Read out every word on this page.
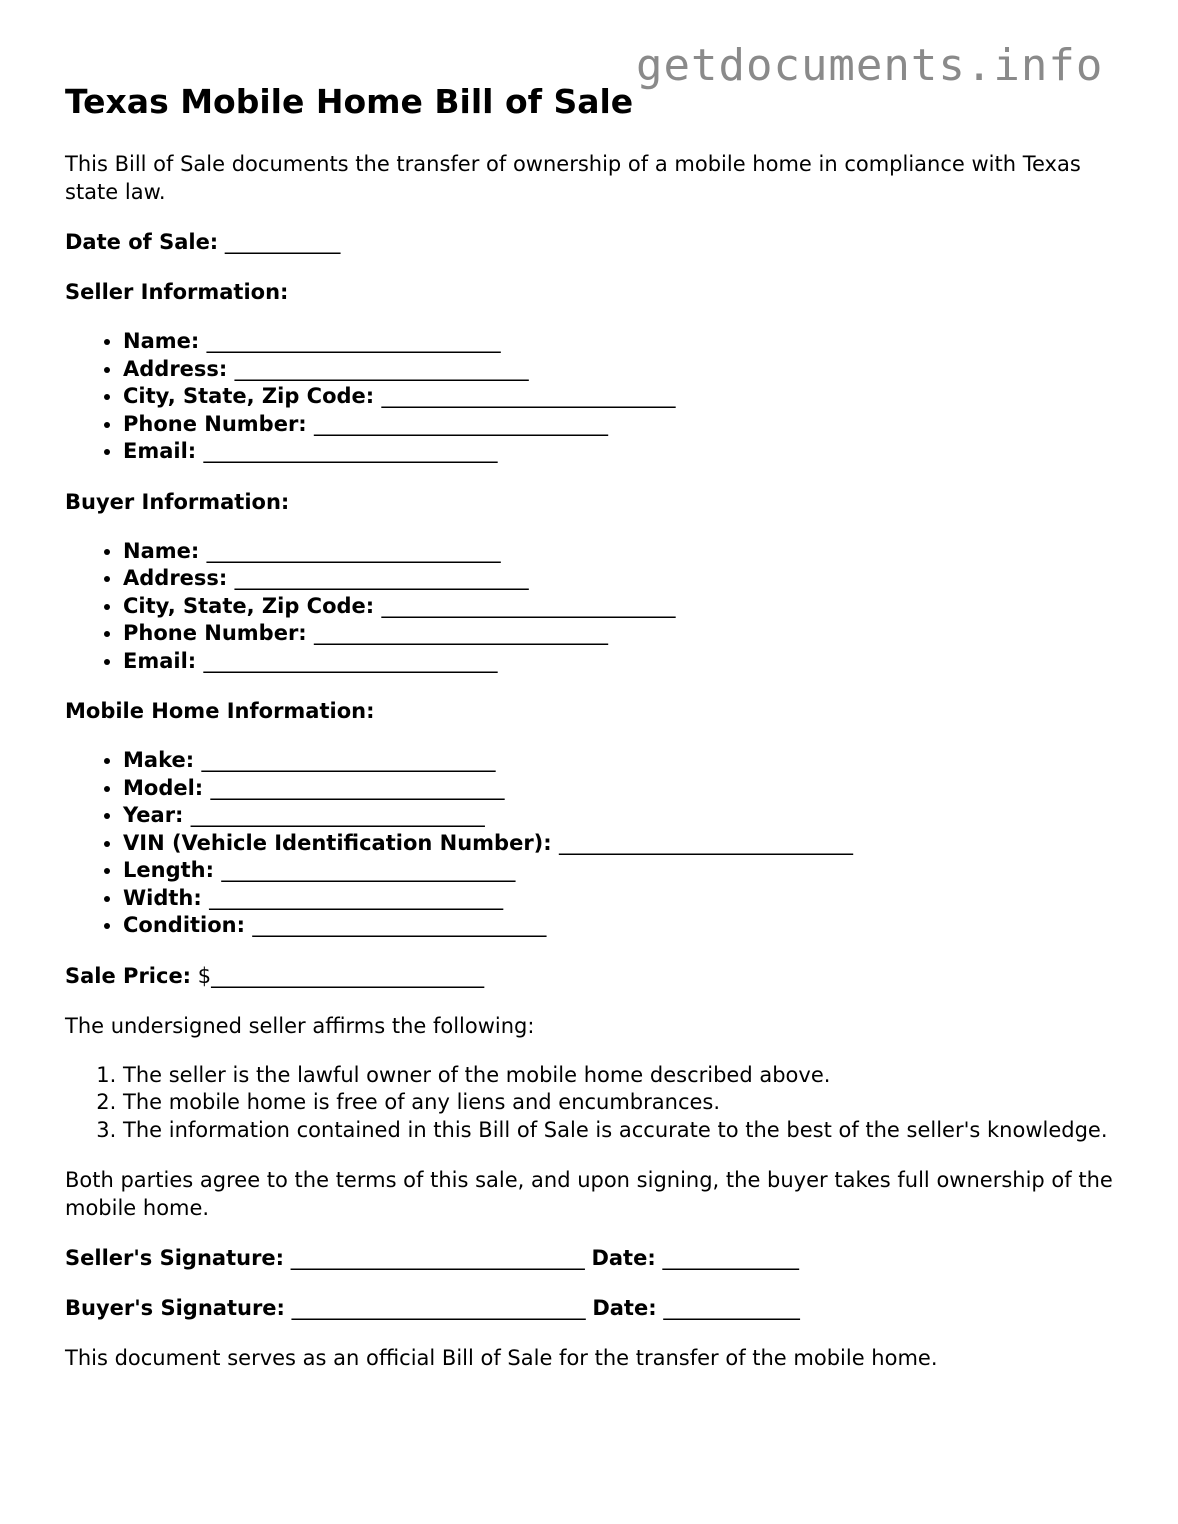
getdocuments.info
Texas Mobile Home Bill of Sale

This Bill of Sale documents the transfer of ownership of a mobile home in compliance with Texas state law.

Date of Sale: ___________

Seller Information:

• Name: ____________________________
• Address: ____________________________
• City, State, Zip Code: ____________________________
• Phone Number: ____________________________
• Email: ____________________________

Buyer Information:

• Name: ____________________________
• Address: ____________________________
• City, State, Zip Code: ____________________________
• Phone Number: ____________________________
• Email: ____________________________

Mobile Home Information:

• Make: ____________________________
• Model: ____________________________
• Year: ____________________________
• VIN (Vehicle Identification Number): ____________________________
• Length: ____________________________
• Width: ____________________________
• Condition: ____________________________

Sale Price: $__________________________

The undersigned seller affirms the following:

1. The seller is the lawful owner of the mobile home described above.
2. The mobile home is free of any liens and encumbrances.
3. The information contained in this Bill of Sale is accurate to the best of the seller's knowledge.

Both parties agree to the terms of this sale, and upon signing, the buyer takes full ownership of the mobile home.

Seller's Signature: ____________________________ Date: _____________

Buyer's Signature: ____________________________ Date: _____________

This document serves as an official Bill of Sale for the transfer of the mobile home.
